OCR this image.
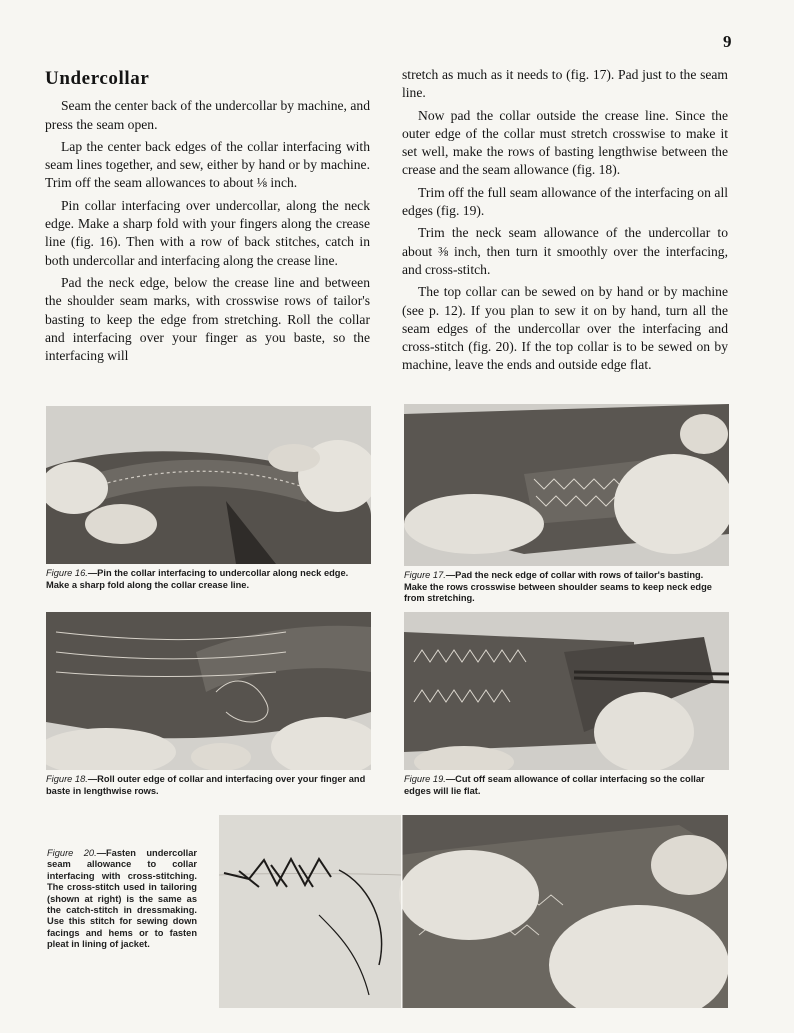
9
Undercollar

Seam the center back of the undercollar by machine, and press the seam open.

Lap the center back edges of the collar interfacing with seam lines together, and sew, either by hand or by machine. Trim off the seam allowances to about ⅛ inch.

Pin collar interfacing over undercollar, along the neck edge. Make a sharp fold with your fingers along the crease line (fig. 16). Then with a row of back stitches, catch in both undercollar and interfacing along the crease line.

Pad the neck edge, below the crease line and between the shoulder seam marks, with crosswise rows of tailor's basting to keep the edge from stretching. Roll the collar and interfacing over your finger as you baste, so the interfacing will

stretch as much as it needs to (fig. 17). Pad just to the seam line.

Now pad the collar outside the crease line. Since the outer edge of the collar must stretch crosswise to make it set well, make the rows of basting lengthwise between the crease and the seam allowance (fig. 18).

Trim off the full seam allowance of the interfacing on all edges (fig. 19).

Trim the neck seam allowance of the undercollar to about ⅜ inch, then turn it smoothly over the interfacing, and cross-stitch.

The top collar can be sewed on by hand or by machine (see p. 12). If you plan to sew it on by hand, turn all the seam edges of the undercollar over the interfacing and cross-stitch (fig. 20). If the top collar is to be sewed on by machine, leave the ends and outside edge flat.

Figure 16.—Pin the collar interfacing to undercollar along neck edge. Make a sharp fold along the collar crease line.
Figure 17.—Pad the neck edge of collar with rows of tailor's basting. Make the rows crosswise between shoulder seams to keep neck edge from stretching.
Figure 18.—Roll outer edge of collar and interfacing over your finger and baste in lengthwise rows.
Figure 19.—Cut off seam allowance of collar interfacing so the collar edges will lie flat.
Figure 20.—Fasten undercollar seam allowance to collar interfacing with cross-stitching. The cross-stitch used in tailoring (shown at right) is the same as the catch-stitch in dressmaking. Use this stitch for sewing down facings and hems or to fasten pleat in lining of jacket.
